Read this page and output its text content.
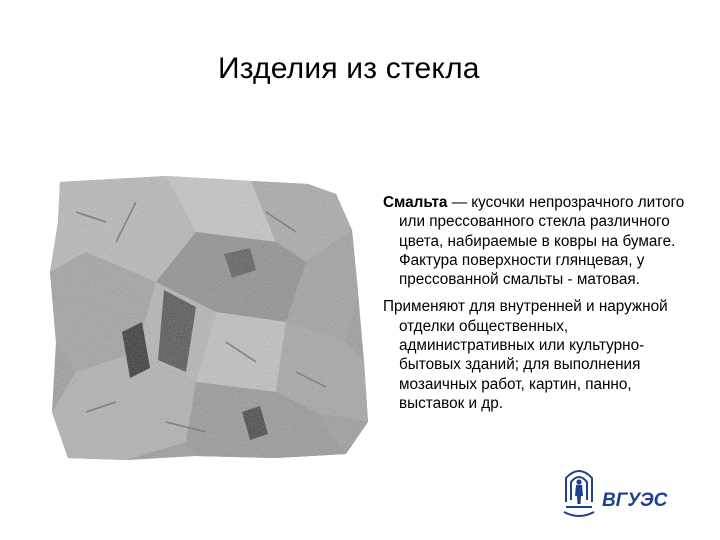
Изделия из стекла

Смальта — кусочки непрозрачного литого или прессованного стекла различного цвета, набираемые в ковры на бумаге. Фактура поверхности глянцевая, у прессованной смальты - матовая.

Применяют для внутренней и наружной отделки общественных, административных или культурно-бытовых зданий; для выполнения мозаичных работ, картин, панно, выставок и др.

ВГУЭС
